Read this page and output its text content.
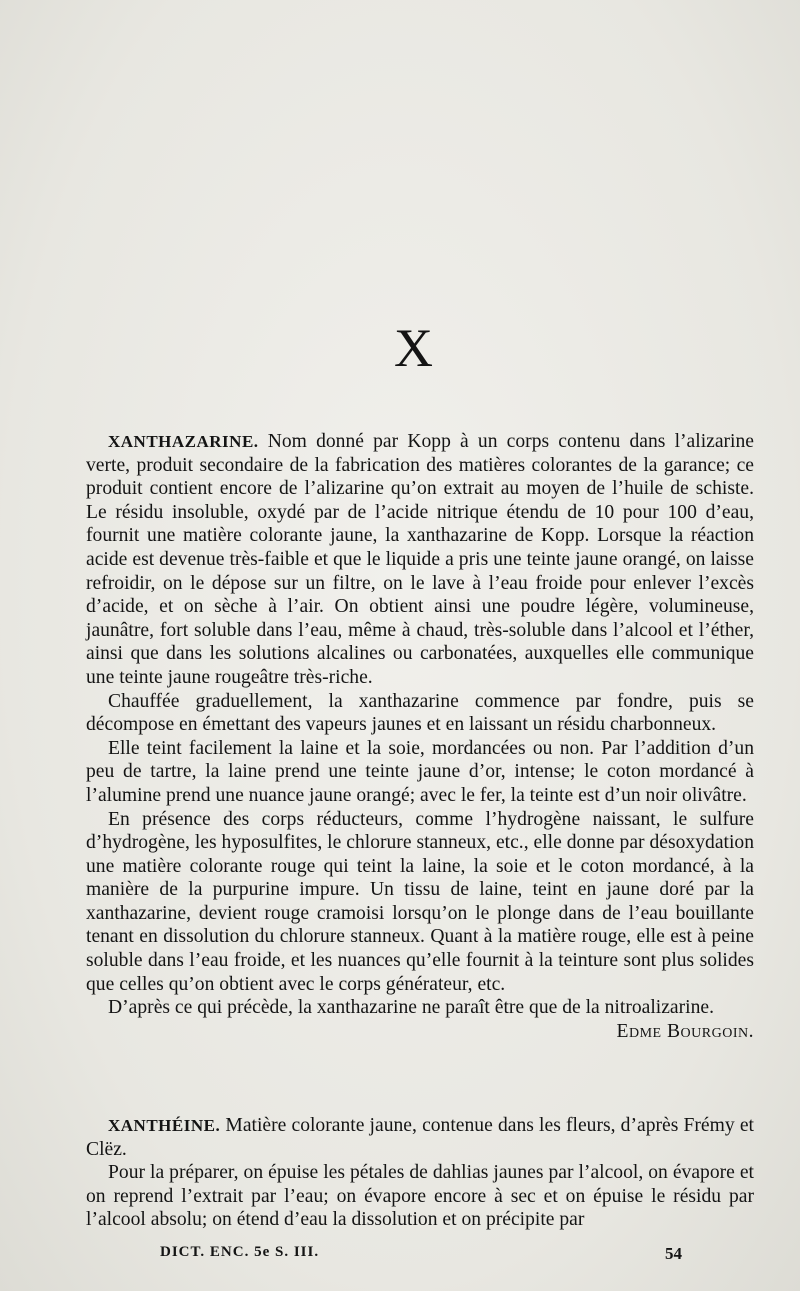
X

XANTHAZARINE. Nom donné par Kopp à un corps contenu dans l’alizarine verte, produit secondaire de la fabrication des matières colorantes de la garance; ce produit contient encore de l’alizarine qu’on extrait au moyen de l’huile de schiste. Le résidu insoluble, oxydé par de l’acide nitrique étendu de 10 pour 100 d’eau, fournit une matière colorante jaune, la xanthazarine de Kopp. Lorsque la réaction acide est devenue très-faible et que le liquide a pris une teinte jaune orangé, on laisse refroidir, on le dépose sur un filtre, on le lave à l’eau froide pour enlever l’excès d’acide, et on sèche à l’air. On obtient ainsi une poudre légère, volumineuse, jaunâtre, fort soluble dans l’eau, même à chaud, très-soluble dans l’alcool et l’éther, ainsi que dans les solutions alcalines ou carbonatées, auxquelles elle communique une teinte jaune rougeâtre très-riche.

Chauffée graduellement, la xanthazarine commence par fondre, puis se décompose en émettant des vapeurs jaunes et en laissant un résidu charbonneux.

Elle teint facilement la laine et la soie, mordancées ou non. Par l’addition d’un peu de tartre, la laine prend une teinte jaune d’or, intense; le coton mordancé à l’alumine prend une nuance jaune orangé; avec le fer, la teinte est d’un noir olivâtre.

En présence des corps réducteurs, comme l’hydrogène naissant, le sulfure d’hydrogène, les hyposulfites, le chlorure stanneux, etc., elle donne par désoxydation une matière colorante rouge qui teint la laine, la soie et le coton mordancé, à la manière de la purpurine impure. Un tissu de laine, teint en jaune doré par la xanthazarine, devient rouge cramoisi lorsqu’on le plonge dans de l’eau bouillante tenant en dissolution du chlorure stanneux. Quant à la matière rouge, elle est à peine soluble dans l’eau froide, et les nuances qu’elle fournit à la teinture sont plus solides que celles qu’on obtient avec le corps générateur, etc.

D’après ce qui précède, la xanthazarine ne paraît être que de la nitroalizarine.
Edme Bourgoin.

XANTHÉINE. Matière colorante jaune, contenue dans les fleurs, d’après Frémy et Clëz.

Pour la préparer, on épuise les pétales de dahlias jaunes par l’alcool, on évapore et on reprend l’extrait par l’eau; on évapore encore à sec et on épuise le résidu par l’alcool absolu; on étend d’eau la dissolution et on précipite par

DICT. ENC. 5e S. III.	54
